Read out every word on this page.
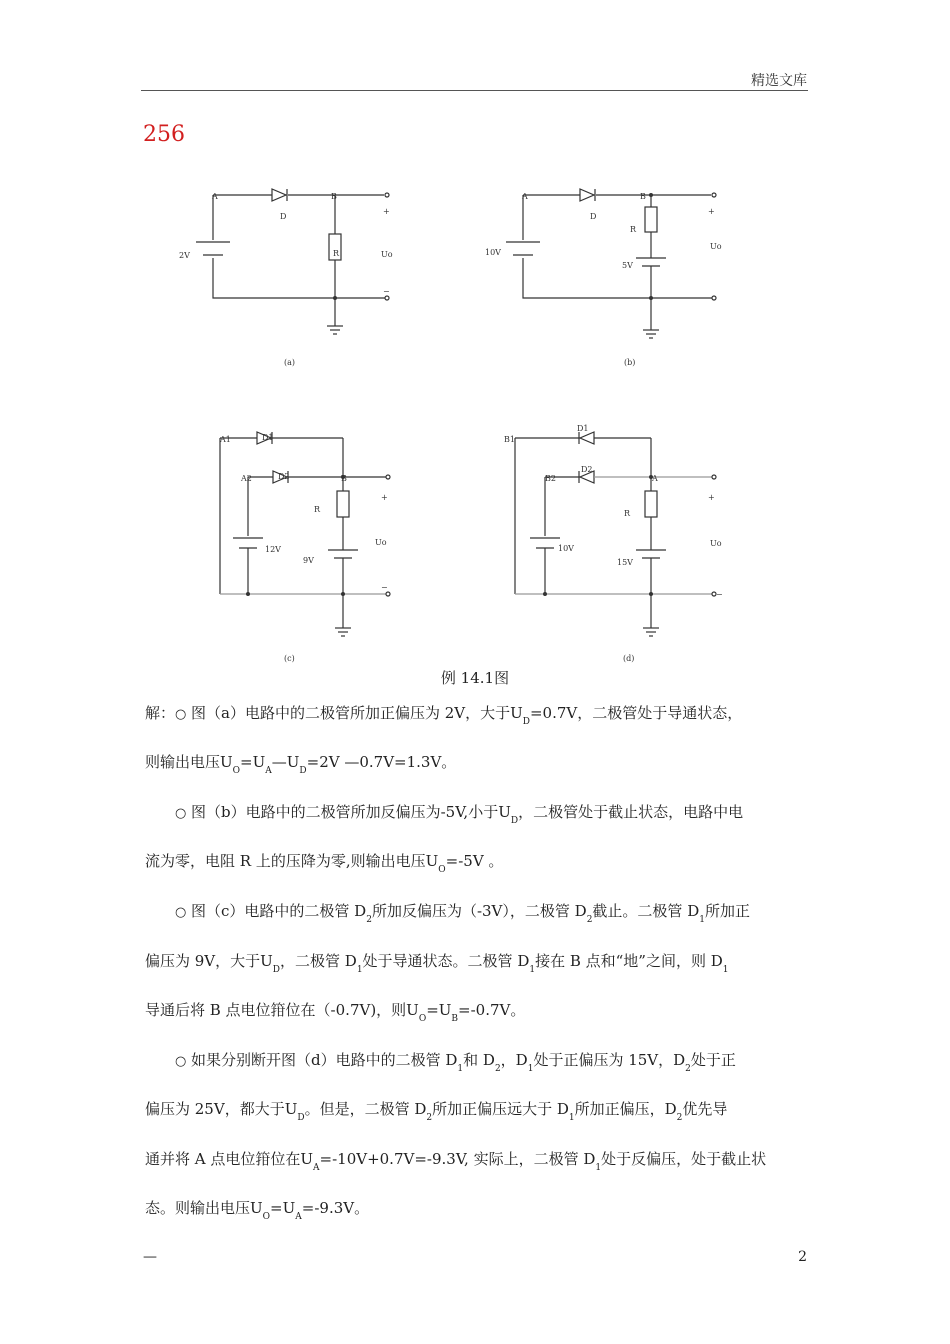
精选文库
256
A	B
D
R
2V
+
−
Uo
(a)
A	B
D
R
10V
5V
+
Uo
(b)
A1	D1
A2	D2	B
R
12V
9V
+
−
Uo
(c)
B1
D1
B2
D2
A
R
10V
15V
+
−
Uo
(d)
例 14.1图
解：○ 图（a）电路中的二极管所加正偏压为 2V，大于$U_D=0.7V$，二极管处于导通状态，
则输出电压$U_O=U_A—U_D=2V$ —0.7V=1.3V。
○ 图（b）电路中的二极管所加反偏压为-5V,小于$U_D$，二极管处于截止状态，电路中电
流为零，电阻 R 上的压降为零,则输出电压$U_O=-5V$ 。
○ 图（c）电路中的二极管 $D_2$所加反偏压为（-3V），二极管 $D_2$截止。二极管 $D_1$所加正
偏压为 9V，大于$U_D$，二极管 $D_1$处于导通状态。二极管 $D_1$接在 B 点和“地”之间，则 $D_1$
导通后将 B 点电位箝位在（-0.7V)，则$U_O=U_B=-0.7V$。
○ 如果分别断开图（d）电路中的二极管 $D_1$和 $D_2$，$D_1$处于正偏压为 15V，$D_2$处于正
偏压为 25V，都大于$U_D$。但是，二极管 $D_2$所加正偏压远大于 $D_1$所加正偏压，$D_2$优先导
通并将 A 点电位箝位在$U_A=-10V+0.7V=-9.3V$, 实际上，二极管 $D_1$处于反偏压，处于截止状
态。则输出电压$U_O=U_A=-9.3V$。
—	2
